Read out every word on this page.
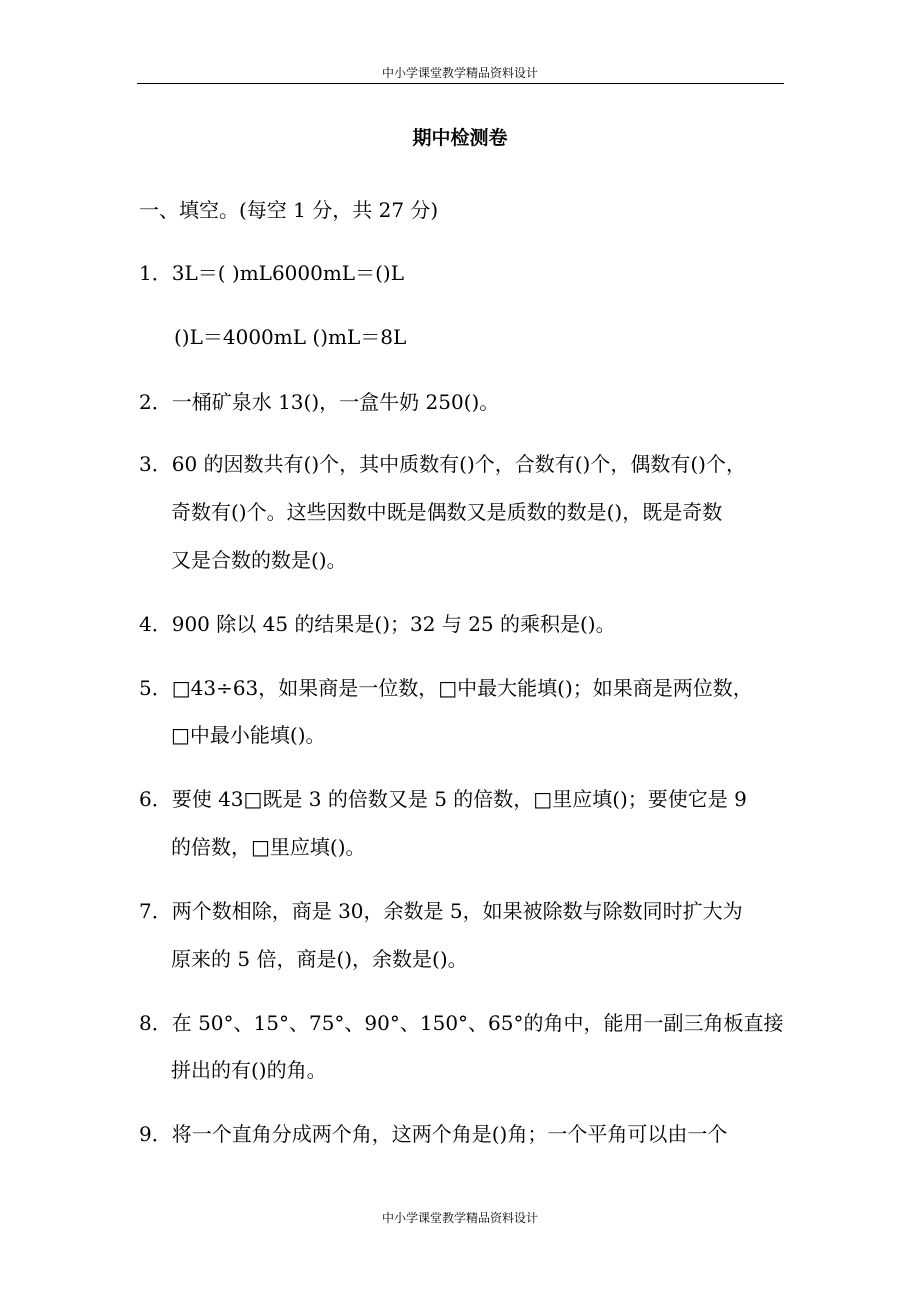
中小学课堂教学精品资料设计
期中检测卷
一、填空。(每空 1 分，共 27 分)
1．3L＝( )mL6000mL＝()L
()L＝4000mL ()mL＝8L
2．一桶矿泉水 13()，一盒牛奶 250()。
3．60 的因数共有()个，其中质数有()个，合数有()个，偶数有()个，
奇数有()个。这些因数中既是偶数又是质数的数是()，既是奇数
又是合数的数是()。
4．900 除以 45 的结果是()；32 与 25 的乘积是()。
5．□43÷63，如果商是一位数，□中最大能填()；如果商是两位数，
□中最小能填()。
6．要使 43□既是 3 的倍数又是 5 的倍数，□里应填()；要使它是 9
的倍数，□里应填()。
7．两个数相除，商是 30，余数是 5，如果被除数与除数同时扩大为
原来的 5 倍，商是()，余数是()。
8．在 50°、15°、75°、90°、150°、65°的角中，能用一副三角板直接
拼出的有()的角。
9．将一个直角分成两个角，这两个角是()角；一个平角可以由一个
中小学课堂教学精品资料设计
